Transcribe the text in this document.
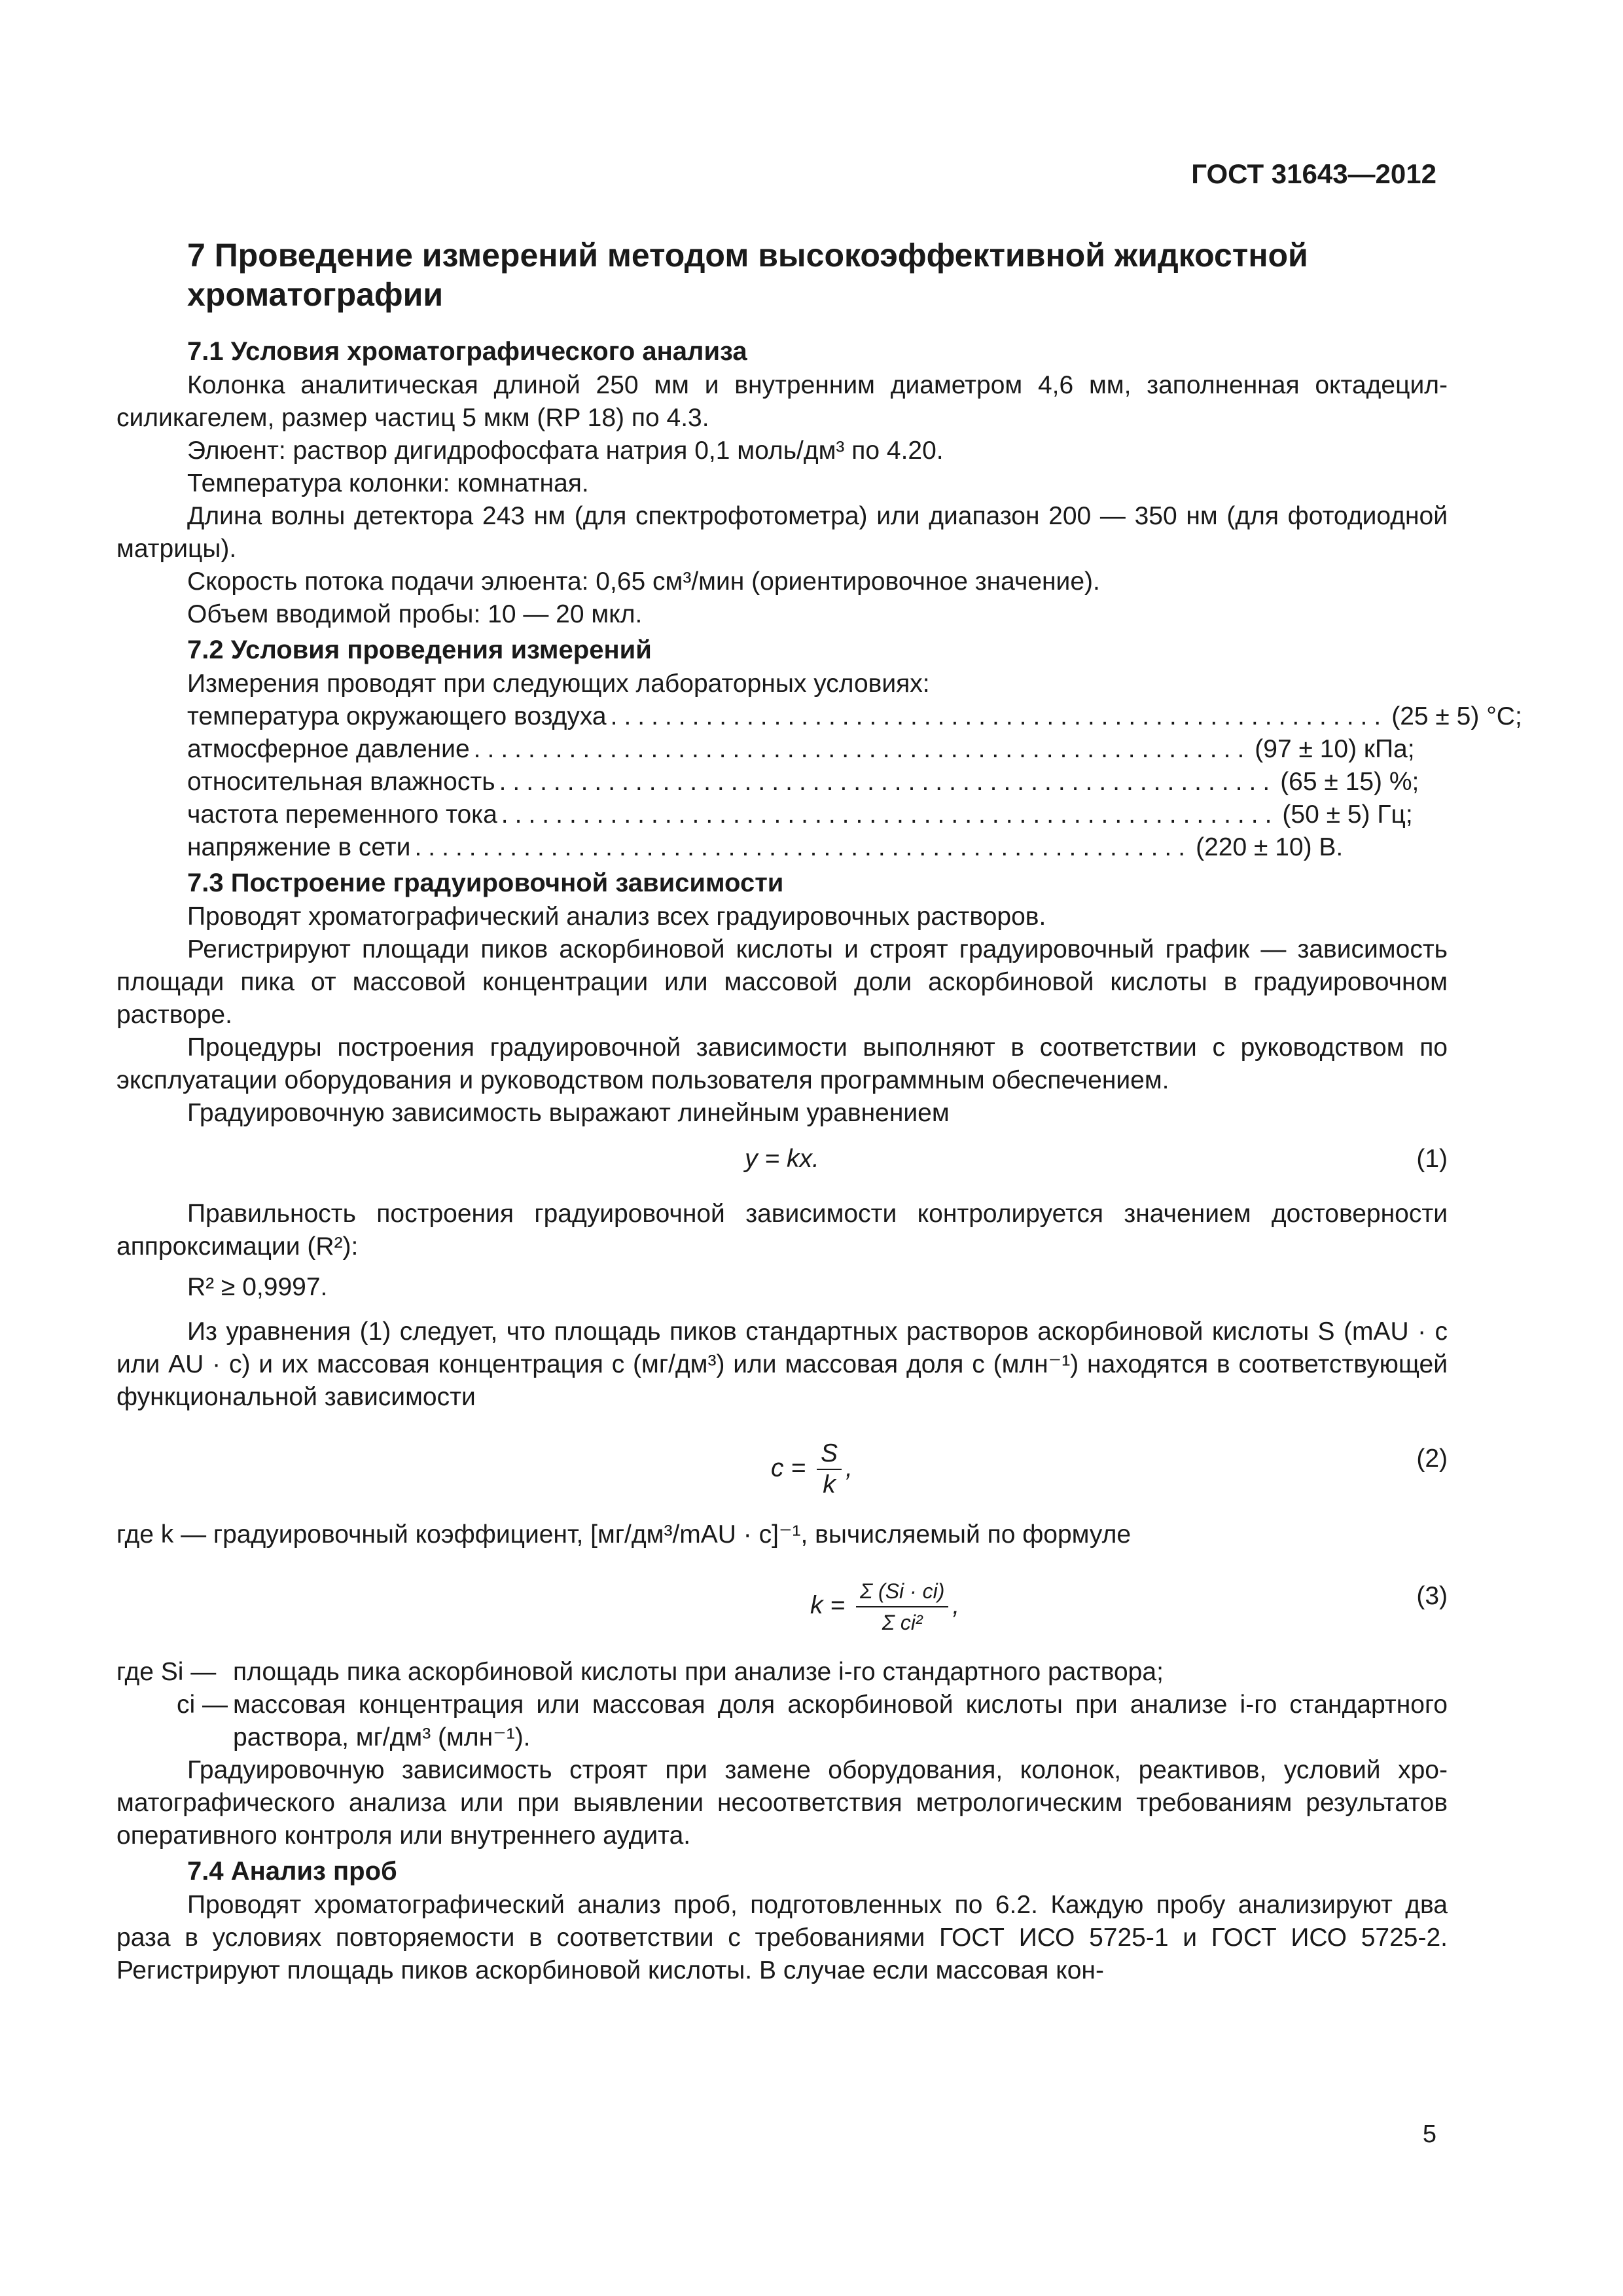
ГОСТ 31643—2012
7 Проведение измерений методом высокоэффективной жидкостной хроматографии
7.1 Условия хроматографического анализа

Колонка аналитическая длиной 250 мм и внутренним диаметром 4,6 мм, заполненная октадецилсиликагелем, размер частиц 5 мкм (RP 18) по 4.3.

Элюент: раствор дигидрофосфата натрия 0,1 моль/дм³ по 4.20.

Температура колонки: комнатная.

Длина волны детектора 243 нм (для спектрофотометра) или диапазон 200 — 350 нм (для фотодиодной матрицы).

Скорость потока подачи элюента: 0,65 см³/мин (ориентировочное значение).

Объем вводимой пробы: 10 — 20 мкл.

7.2 Условия проведения измерений

Измерения проводят при следующих лабораторных условиях:

температура окружающего воздуха ......................................................... (25 ± 5) °С;
атмосферное давление ......................................................... (97 ± 10) кПа;
относительная влажность ......................................................... (65 ± 15) %;
частота переменного тока ......................................................... (50 ± 5) Гц;
напряжение в сети ......................................................... (220 ± 10) В.
7.3 Построение градуировочной зависимости

Проводят хроматографический анализ всех градуировочных растворов.

Регистрируют площади пиков аскорбиновой кислоты и строят градуировочный график — зависимость площади пика от массовой концентрации или массовой доли аскорбиновой кислоты в градуировочном растворе.

Процедуры построения градуировочной зависимости выполняют в соответствии с руководством по эксплуатации оборудования и руководством пользователя программным обеспечением.

Градуировочную зависимость выражают линейным уравнением

y = kx.	(1)

Правильность построения градуировочной зависимости контролируется значением достоверности аппроксимации (R²):

R² ≥ 0,9997.

Из уравнения (1) следует, что площадь пиков стандартных растворов аскорбиновой кислоты S (mAU · c или AU · c) и их массовая концентрация c (мг/дм³) или массовая доля c (млн⁻¹) находятся в соответствующей функциональной зависимости

$c = \frac{S}{k}$ ,	(2)

где k — градуировочный коэффициент, [мг/дм³/mAU · с]⁻¹, вычисляемый по формуле

$k = \frac{\Sigma (Si \cdot ci)}{\text{Σ ci²}}$ ,	(3)

где Si — площадь пика аскорбиновой кислоты при анализе i-го стандартного раствора;

ci — массовая концентрация или массовая доля аскорбиновой кислоты при анализе i-го стандартного раствора, мг/дм³ (млн⁻¹).

Градуировочную зависимость строят при замене оборудования, колонок, реактивов, условий хроматографического анализа или при выявлении несоответствия метрологическим требованиям результатов оперативного контроля или внутреннего аудита.

7.4 Анализ проб

Проводят хроматографический анализ проб, подготовленных по 6.2. Каждую пробу анализируют два раза в условиях повторяемости в соответствии с требованиями ГОСТ ИСО 5725-1 и ГОСТ ИСО 5725-2. Регистрируют площадь пиков аскорбиновой кислоты. В случае если массовая кон-

5
